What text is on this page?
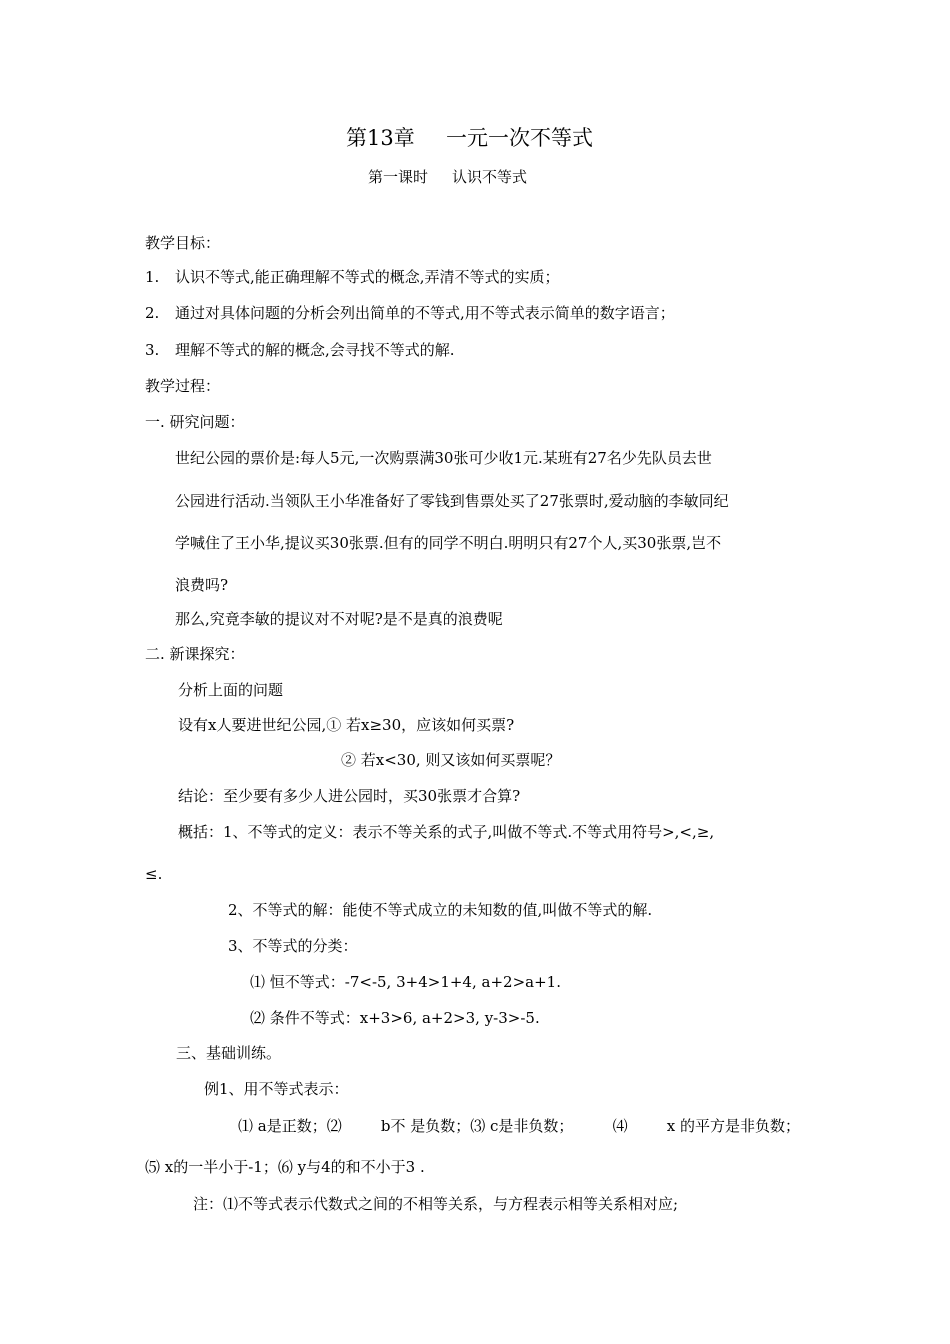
第13章 一元一次不等式
第一课时 认识不等式
教学目标：
1. 认识不等式,能正确理解不等式的概念,弄清不等式的实质；
2. 通过对具体问题的分析会列出简单的不等式,用不等式表示简单的数字语言；
3. 理解不等式的解的概念,会寻找不等式的解.
教学过程：
一. 研究问题：
世纪公园的票价是:每人5元,一次购票满30张可少收1元.某班有27名少先队员去世
公园进行活动.当领队王小华准备好了零钱到售票处买了27张票时,爱动脑的李敏同纪
学喊住了王小华,提议买30张票.但有的同学不明白.明明只有27个人,买30张票,岂不
浪费吗?
那么,究竟李敏的提议对不对呢?是不是真的浪费呢
二. 新课探究：
分析上面的问题
设有x人要进世纪公园,① 若x≥30，应该如何买票?
② 若x<30, 则又该如何买票呢？
结论：至少要有多少人进公园时，买30张票才合算?
概括：1、不等式的定义：表示不等关系的式子,叫做不等式.不等式用符号>,<,≥,
≤.
2、不等式的解：能使不等式成立的未知数的值,叫做不等式的解.
3、不等式的分类：
⑴ 恒不等式：-7<-5, 3+4>1+4, a+2>a+1.
⑵ 条件不等式：x+3>6, a+2>3, y-3>-5.
三、基础训练。
例1、用不等式表示：
⑴ a是正数；⑵	b不 是负数；⑶ c是非负数；	⑷	x 的平方是非负数；
⑸ x的一半小于-1；⑹ y与4的和不小于3 .
注：⑴不等式表示代数式之间的不相等关系，与方程表示相等关系相对应;
